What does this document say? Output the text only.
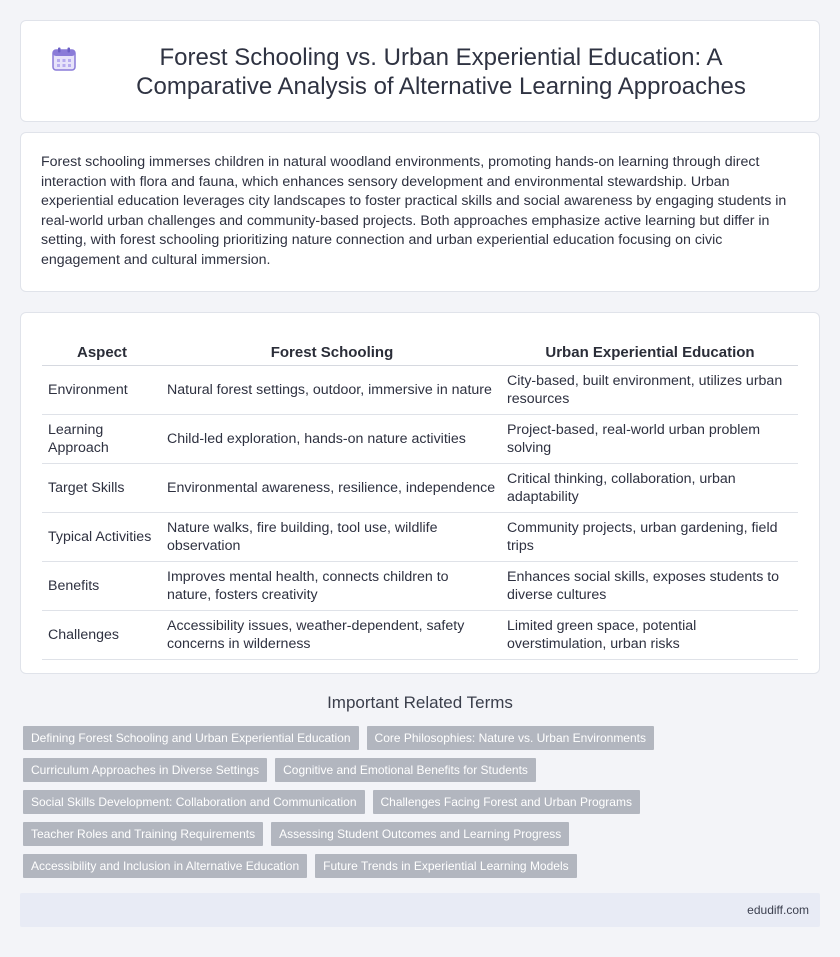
Forest Schooling vs. Urban Experiential Education: A Comparative Analysis of Alternative Learning Approaches

Forest schooling immerses children in natural woodland environments, promoting hands-on learning through direct interaction with flora and fauna, which enhances sensory development and environmental stewardship. Urban experiential education leverages city landscapes to foster practical skills and social awareness by engaging students in real-world urban challenges and community-based projects. Both approaches emphasize active learning but differ in setting, with forest schooling prioritizing nature connection and urban experiential education focusing on civic engagement and cultural immersion.

Aspect	Forest Schooling	Urban Experiential Education
Environment	Natural forest settings, outdoor, immersive in nature	City-based, built environment, utilizes urban resources
Learning Approach	Child-led exploration, hands-on nature activities	Project-based, real-world urban problem solving
Target Skills	Environmental awareness, resilience, independence	Critical thinking, collaboration, urban adaptability
Typical Activities	Nature walks, fire building, tool use, wildlife observation	Community projects, urban gardening, field trips
Benefits	Improves mental health, connects children to nature, fosters creativity	Enhances social skills, exposes students to diverse cultures
Challenges	Accessibility issues, weather-dependent, safety concerns in wilderness	Limited green space, potential overstimulation, urban risks
Important Related Terms
Defining Forest Schooling and Urban Experiential Education	Core Philosophies: Nature vs. Urban Environments
Curriculum Approaches in Diverse Settings	Cognitive and Emotional Benefits for Students
Social Skills Development: Collaboration and Communication	Challenges Facing Forest and Urban Programs
Teacher Roles and Training Requirements	Assessing Student Outcomes and Learning Progress
Accessibility and Inclusion in Alternative Education	Future Trends in Experiential Learning Models
edudiff.com
